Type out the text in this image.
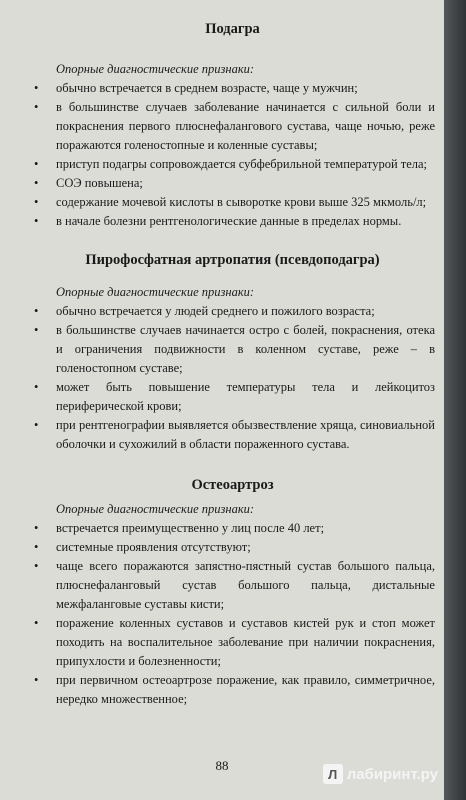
Подагра

Опорные диагностические признаки:

• обычно встречается в среднем возрасте, чаще у мужчин;
• в большинстве случаев заболевание начинается с сильной боли и покраснения первого плюснефалангового сустава, чаще ночью, реже поражаются голеностопные и коленные суставы;
• приступ подагры сопровождается субфебрильной температурой тела;
• СОЭ повышена;
• содержание мочевой кислоты в сыворотке крови выше 325 мкмоль/л;
• в начале болезни рентгенологические данные в пределах нормы.
Пирофосфатная артропатия (псевдоподагра)

Опорные диагностические признаки:

• обычно встречается у людей среднего и пожилого возраста;
• в большинстве случаев начинается остро с болей, покраснения, отека и ограничения подвижности в коленном суставе, реже – в голеностопном суставе;
• может быть повышение температуры тела и лейкоцитоз периферической крови;
• при рентгенографии выявляется обызвествление хряща, синовиальной оболочки и сухожилий в области пораженного сустава.
Остеоартроз

Опорные диагностические признаки:

• встречается преимущественно у лиц после 40 лет;
• системные проявления отсутствуют;
• чаще всего поражаются запястно-пястный сустав большого пальца, плюснефаланговый сустав большого пальца, дистальные межфаланговые суставы кисти;
• поражение коленных суставов и суставов кистей рук и стоп может походить на воспалительное заболевание при наличии покраснения, припухлости и болезненности;
• при первичном остеоартрозе поражение, как правило, симметричное, нередко множественное;
88
Л лабиринт.ру
